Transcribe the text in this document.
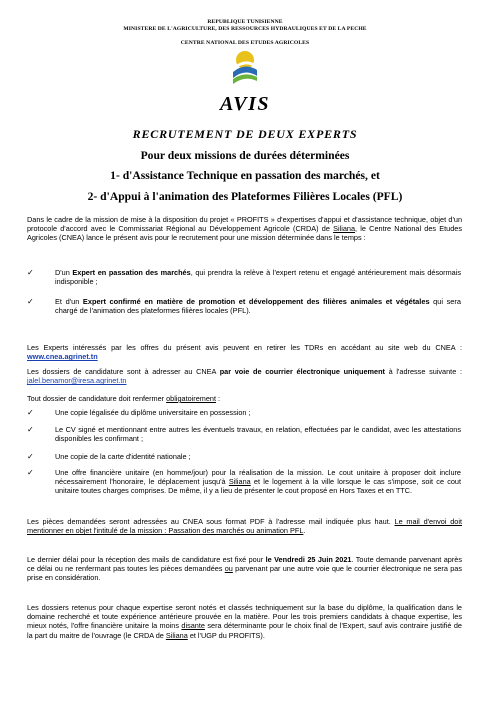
REPUBLIQUE TUNISIENNE
MINISTERE DE L'AGRICULTURE, DES RESSOURCES HYDRAULIQUES ET DE LA PECHE
CENTRE NATIONAL DES ETUDES AGRICOLES
AVIS
RECRUTEMENT DE DEUX EXPERTS
Pour deux missions de durées déterminées
1- d'Assistance Technique en passation des marchés, et
2- d'Appui à l'animation des Plateformes Filières Locales (PFL)
Dans le cadre de la mission de mise à la disposition du projet « PROFITS » d'expertises d'appui et d'assistance technique, objet d'un protocole d'accord avec le Commissariat Régional au Développement Agricole (CRDA) de Siliana, le Centre National des Etudes Agricoles (CNEA) lance le présent avis pour le recrutement pour une mission déterminée dans le temps :
✓	D'un Expert en passation des marchés, qui prendra la relève à l'expert retenu et engagé antérieurement mais désormais indisponible ;
✓	Et d'un Expert confirmé en matière de promotion et développement des filières animales et végétales qui sera chargé de l'animation des plateformes filières locales (PFL).
Les Experts intéressés par les offres du présent avis peuvent en retirer les TDRs en accédant au site web du CNEA : www.cnea.agrinet.tn
Les dossiers de candidature sont à adresser au CNEA par voie de courrier électronique uniquement à l'adresse suivante : jalel.benamor@iresa.agrinet.tn
Tout dossier de candidature doit renfermer obligatoirement :
✓	Une copie légalisée du diplôme universitaire en possession ;
✓	Le CV signé et mentionnant entre autres les éventuels travaux, en relation, effectuées par le candidat, avec les attestations disponibles les confirmant ;
✓	Une copie de la carte d'identité nationale ;
✓	Une offre financière unitaire (en homme/jour) pour la réalisation de la mission. Le cout unitaire à proposer doit inclure nécessairement l'honoraire, le déplacement jusqu'à Siliana et le logement à la ville lorsque le cas s'impose, soit ce cout unitaire toutes charges comprises. De même, il y a lieu de présenter le cout proposé en Hors Taxes et en TTC.
Les pièces demandées seront adressées au CNEA sous format PDF à l'adresse mail indiquée plus haut. Le mail d'envoi doit mentionner en objet l'intitulé de la mission : Passation des marchés ou animation PFL.
Le dernier délai pour la réception des mails de candidature est fixé pour le Vendredi 25 Juin 2021. Toute demande parvenant après ce délai ou ne renfermant pas toutes les pièces demandées ou parvenant par une autre voie que le courrier électronique ne sera pas prise en considération.
Les dossiers retenus pour chaque expertise seront notés et classés techniquement sur la base du diplôme, la qualification dans le domaine recherché et toute expérience antérieure prouvée en la matière. Pour les trois premiers candidats à chaque expertise, les mieux notés, l'offre financière unitaire la moins disante sera déterminante pour le choix final de l'Expert, sauf avis contraire justifié de la part du maitre de l'ouvrage (le CRDA de Siliana et l'UGP du PROFITS).
